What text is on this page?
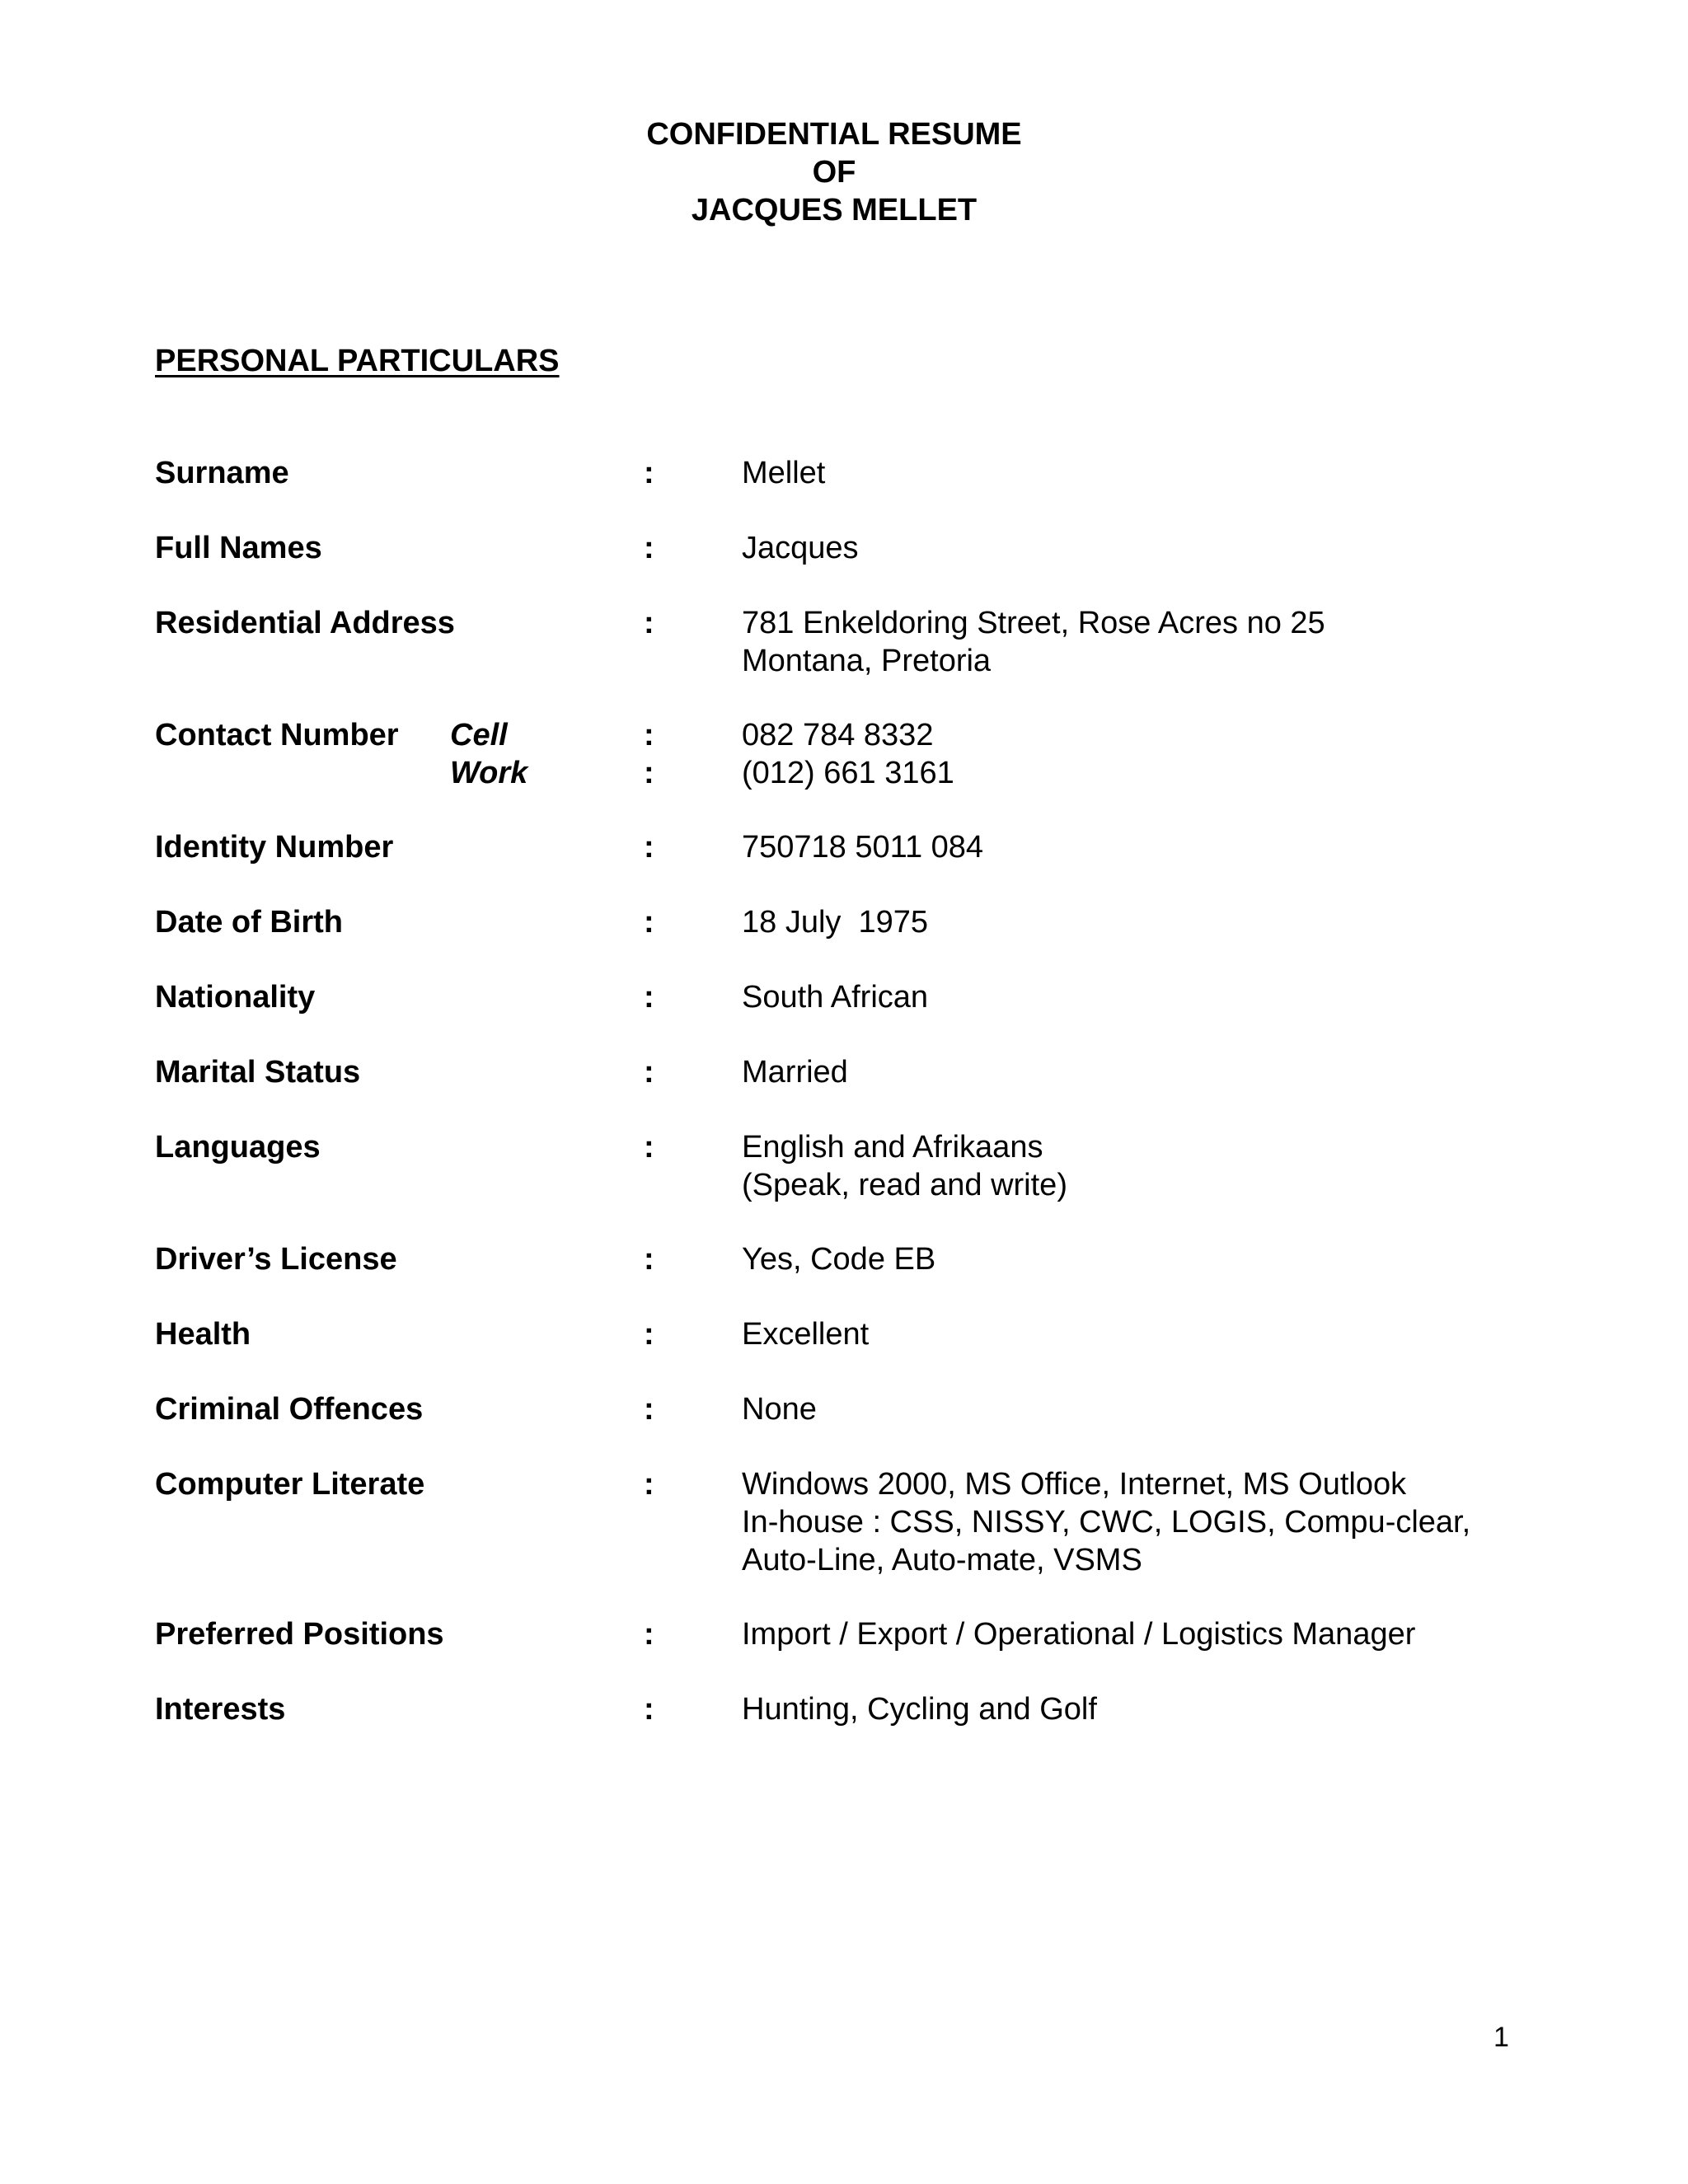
CONFIDENTIAL RESUME
OF
JACQUES MELLET
PERSONAL PARTICULARS
Surname	:	Mellet
Full Names	:	Jacques
Residential Address	:	781 Enkeldoring Street, Rose Acres no 25
Montana, Pretoria
Contact Number Cell	:	082 784 8332
Work	:	(012) 661 3161
Identity Number	:	750718 5011 084
Date of Birth	:	18 July  1975
Nationality	:	South African
Marital Status	:	Married
Languages	:	English and Afrikaans
(Speak, read and write)
Driver’s License	:	Yes, Code EB
Health	:	Excellent
Criminal Offences	:	None
Computer Literate	:	Windows 2000, MS Office, Internet, MS Outlook
In-house : CSS, NISSY, CWC, LOGIS, Compu-clear,
Auto-Line, Auto-mate, VSMS
Preferred Positions	:	Import / Export / Operational / Logistics Manager
Interests	:	Hunting, Cycling and Golf
1
